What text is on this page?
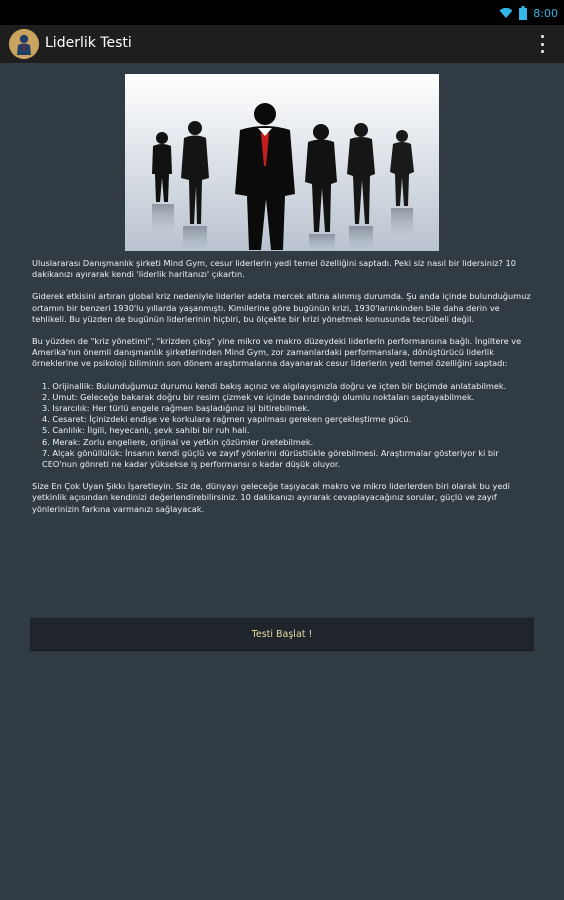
8:00
Liderlik Testi

Uluslararası Danışmanlık şirketi Mind Gym, cesur liderlerin yedi temel özelliğini saptadı. Peki siz nasıl bir lidersiniz? 10 dakikanızı ayırarak kendi 'liderlik haritanızı' çıkartın.

Giderek etkisini artıran global kriz nedeniyle liderler adeta mercek altına alınmış durumda. Şu anda içinde bulunduğumuz ortamın bir benzeri 1930'lu yıllarda yaşanmıştı. Kimilerine göre bugünün krizi, 1930'larınkinden bile daha derin ve tehlikeli. Bu yüzden de bugünün liderlerinin hiçbiri, bu ölçekte bir krizi yönetmek konusunda tecrübeli değil.

Bu yüzden de "kriz yönetimi", "krizden çıkış" yine mikro ve makro düzeydeki liderlerin performansına bağlı. İngiltere ve Amerika'nın önemli danışmanlık şirketlerinden Mind Gym, zor zamanlardaki performanslara, dönüştürücü liderlik örneklerine ve psikoloji biliminin son dönem araştırmalarına dayanarak cesur liderlerin yedi temel özelliğini saptadı:

1. Orijinallik: Bulunduğumuz durumu kendi bakış açınız ve algılayışınızla doğru ve içten bir biçimde anlatabilmek.
2. Umut: Geleceğe bakarak doğru bir resim çizmek ve içinde barındırdığı olumlu noktaları saptayabilmek.
3. Israrcılık: Her türlü engele rağmen başladığınız işi bitirebilmek.
4. Cesaret: İçinizdeki endişe ve korkulara rağmen yapılması gereken gerçekleştirme gücü.
5. Canlılık: İlgili, heyecanlı, şevk sahibi bir ruh hali.
6. Merak: Zorlu engellere, orijinal ve yetkin çözümler üretebilmek.
7. Alçak gönüllülük: İnsanın kendi güçlü ve zayıf yönlerini dürüstlükle görebilmesi. Araştırmalar gösteriyor ki bir CEO'nun gönreti ne kadar yüksekse iş performansı o kadar düşük oluyor.

Size En Çok Uyan Şıkkı İşaretleyin. Siz de, dünyayı geleceğe taşıyacak makro ve mikro liderlerden biri olarak bu yedi yetkinlik açısından kendinizi değerlendirebilirsiniz. 10 dakikanızı ayırarak cevaplayacağınız sorular, güçlü ve zayıf yönlerinizin farkına varmanızı sağlayacak.

Testi Başlat !
